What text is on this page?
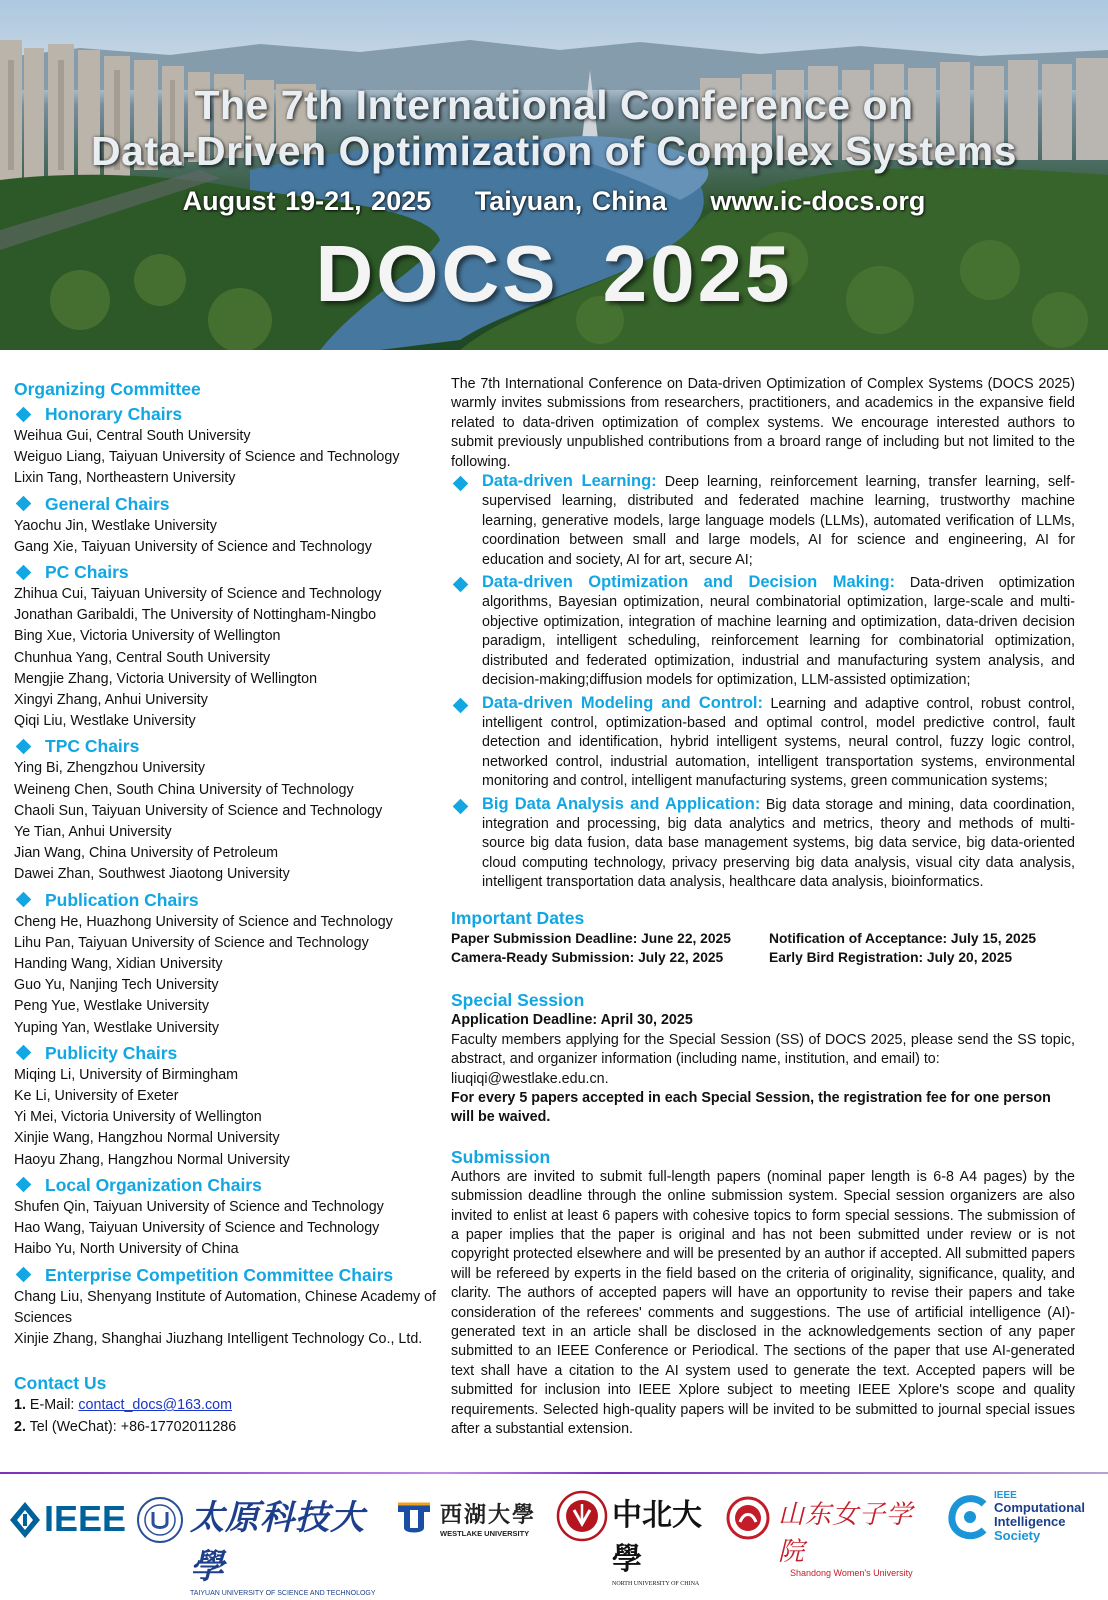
The 7th International Conference on
Data-Driven Optimization of Complex Systems
August 19-21, 2025 Taiyuan, China www.ic-docs.org
DOCS 2025
Organizing Committee
Honorary Chairs
Weihua Gui, Central South University
Weiguo Liang, Taiyuan University of Science and Technology
Lixin Tang, Northeastern University
General Chairs
Yaochu Jin, Westlake University
Gang Xie, Taiyuan University of Science and Technology
PC Chairs
Zhihua Cui, Taiyuan University of Science and Technology
Jonathan Garibaldi, The University of Nottingham-Ningbo
Bing Xue, Victoria University of Wellington
Chunhua Yang, Central South University
Mengjie Zhang, Victoria University of Wellington
Xingyi Zhang, Anhui University
Qiqi Liu, Westlake University
TPC Chairs
Ying Bi, Zhengzhou University
Weineng Chen, South China University of Technology
Chaoli Sun, Taiyuan University of Science and Technology
Ye Tian, Anhui University
Jian Wang, China University of Petroleum
Dawei Zhan, Southwest Jiaotong University
Publication Chairs
Cheng He, Huazhong University of Science and Technology
Lihu Pan, Taiyuan University of Science and Technology
Handing Wang, Xidian University
Guo Yu, Nanjing Tech University
Peng Yue, Westlake University
Yuping Yan, Westlake University
Publicity Chairs
Miqing Li, University of Birmingham
Ke Li, University of Exeter
Yi Mei, Victoria University of Wellington
Xinjie Wang, Hangzhou Normal University
Haoyu Zhang, Hangzhou Normal University
Local Organization Chairs
Shufen Qin, Taiyuan University of Science and Technology
Hao Wang, Taiyuan University of Science and Technology
Haibo Yu, North University of China
Enterprise Competition Committee Chairs
Chang Liu, Shenyang Institute of Automation, Chinese Academy of Sciences
Xinjie Zhang, Shanghai Jiuzhang Intelligent Technology Co., Ltd.
Contact Us
1. E-Mail: contact_docs@163.com
2. Tel (WeChat): +86-17702011286

The 7th International Conference on Data-driven Optimization of Complex Systems (DOCS 2025) warmly invites submissions from researchers, practitioners, and academics in the expansive field related to data-driven optimization of complex systems. We encourage interested authors to submit previously unpublished contributions from a broard range of including but not limited to the following.

Data-driven Learning: Deep learning, reinforcement learning, transfer learning, self-supervised learning, distributed and federated machine learning, trustworthy machine learning, generative models, large language models (LLMs), automated verification of LLMs, coordination between small and large models, AI for science and engineering, AI for education and society, AI for art, secure AI;
Data-driven Optimization and Decision Making: Data-driven optimization algorithms, Bayesian optimization, neural combinatorial optimization, large-scale and multi-objective optimization, integration of machine learning and optimization, data-driven decision paradigm, intelligent scheduling, reinforcement learning for combinatorial optimization, distributed and federated optimization, industrial and manufacturing system analysis, and decision-making;diffusion models for optimization, LLM-assisted optimization;
Data-driven Modeling and Control: Learning and adaptive control, robust control, intelligent control, optimization-based and optimal control, model predictive control, fault detection and identification, hybrid intelligent systems, neural control, fuzzy logic control, networked control, industrial automation, intelligent transportation systems, environmental monitoring and control, intelligent manufacturing systems, green communication systems;
Big Data Analysis and Application: Big data storage and mining, data coordination, integration and processing, big data analytics and metrics, theory and methods of multi-source big data fusion, data base management systems, big data service, big data-oriented cloud computing technology, privacy preserving big data analysis, visual city data analysis, intelligent transportation data analysis, healthcare data analysis, bioinformatics.
Important Dates
Paper Submission Deadline: June 22, 2025	Notification of Acceptance: July 15, 2025
Camera-Ready Submission: July 22, 2025	Early Bird Registration: July 20, 2025
Special Session
Application Deadline: April 30, 2025
Faculty members applying for the Special Session (SS) of DOCS 2025, please send the SS topic, abstract, and organizer information (including name, institution, and email) to:
liuqiqi@westlake.edu.cn.
For every 5 papers accepted in each Special Session, the registration fee for one person will be waived.
Submission
Authors are invited to submit full-length papers (nominal paper length is 6-8 A4 pages) by the submission deadline through the online submission system. Special session organizers are also invited to enlist at least 6 papers with cohesive topics to form special sessions. The submission of a paper implies that the paper is original and has not been submitted under review or is not copyright protected elsewhere and will be presented by an author if accepted. All submitted papers will be refereed by experts in the field based on the criteria of originality, significance, quality, and clarity. The authors of accepted papers will have an opportunity to revise their papers and take consideration of the referees' comments and suggestions. The use of artificial intelligence (AI)-generated text in an article shall be disclosed in the acknowledgements section of any paper submitted to an IEEE Conference or Periodical. The sections of the paper that use AI-generated text shall have a citation to the AI system used to generate the text. Accepted papers will be submitted for inclusion into IEEE Xplore subject to meeting IEEE Xplore's scope and quality requirements. Selected high-quality papers will be invited to be submitted to journal special issues after a substantial extension.
IEEE 太原科技大學
TAIYUAN UNIVERSITY OF SCIENCE AND TECHNOLOGY
西湖大學
WESTLAKE UNIVERSITY
中北大學
NORTH UNIVERSITY OF CHINA
山东女子学院
Shandong Women's University
IEEE
Computational
Intelligence
Society
